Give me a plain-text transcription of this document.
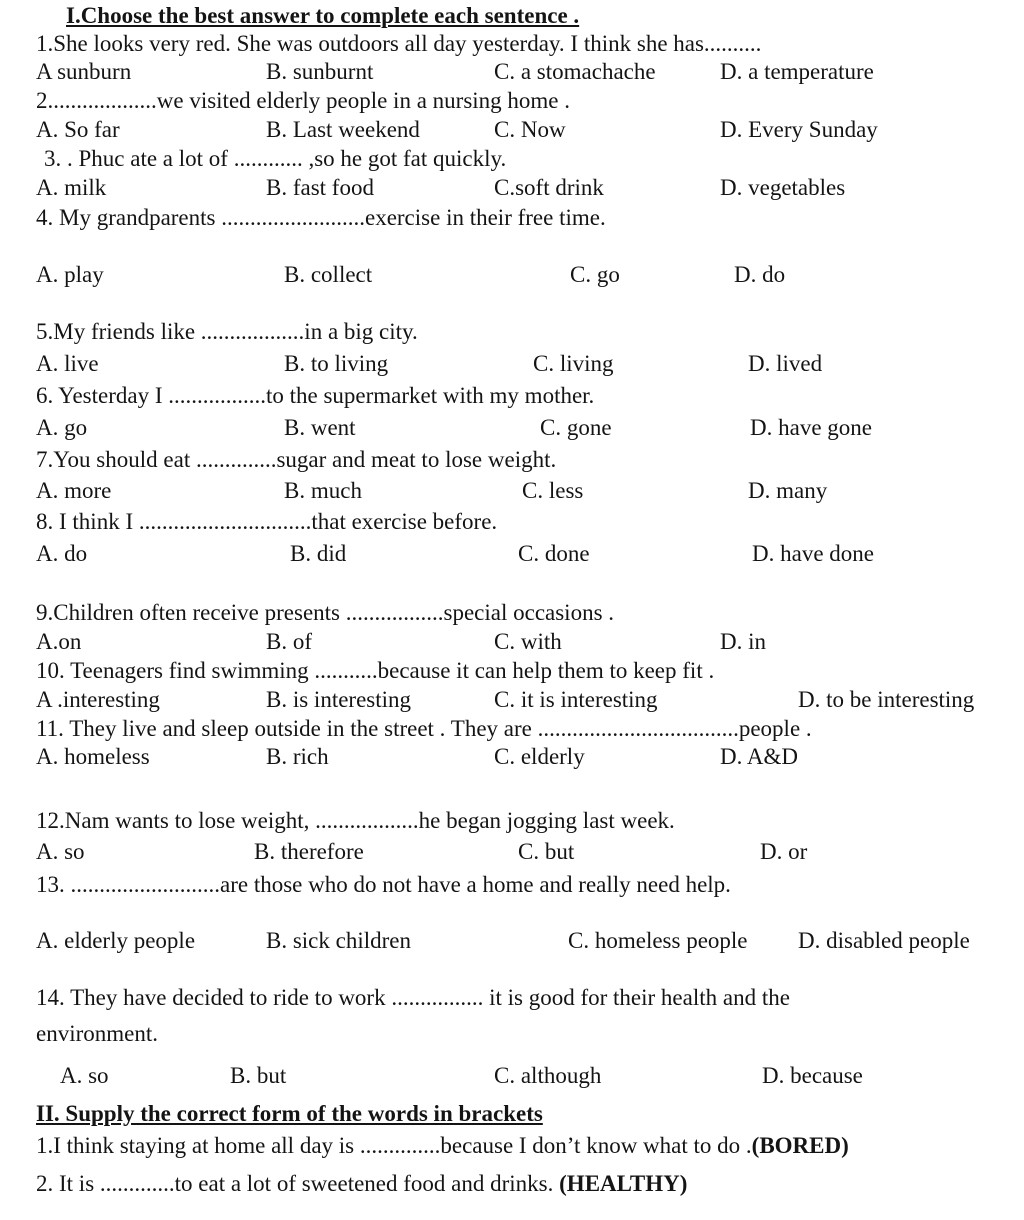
I.Choose the best answer to complete each sentence .
1.She looks very red. She was outdoors all day yesterday. I think she has..........
A sunburn	B. sunburnt	C. a stomachache	D. a temperature
2...................we visited elderly people in a nursing home .
A. So far	B. Last weekend	C. Now	D. Every Sunday
3. . Phuc ate a lot of ............ ,so he got fat quickly.
A. milk	B. fast food	C.soft drink	D. vegetables
4. My grandparents .........................exercise in their free time.
A. play	B. collect	C. go	D. do
5.My friends like ..................in a big city.
A. live	B. to living	C. living	D. lived
6. Yesterday I .................to the supermarket with my mother.
A. go	B. went	C. gone	D. have gone
7.You should eat ..............sugar and meat to lose weight.
A. more	B. much	C. less	D. many
8. I think I ..............................that exercise before.
A. do	B. did	C. done	D. have done
9.Children often receive presents .................special occasions .
A.on	B. of	C. with	D. in
10. Teenagers find swimming ...........because it can help them to keep fit .
A .interesting	B. is interesting	C. it is interesting	D. to be interesting
11. They live and sleep outside in the street . They are ...................................people .
A. homeless	B. rich	C. elderly	D. A&D
12.Nam wants to lose weight, ..................he began jogging last week.
A. so	B. therefore	C. but	D. or
13. ..........................are those who do not have a home and really need help.
A. elderly people	B. sick children	C. homeless people D. disabled people
14. They have decided to ride to work ................ it is good for their health and the
environment.
A. so	B. but	C. although	D. because
II. Supply the correct form of the words in brackets
1.I think staying at home all day is ..............because I don’t know what to do .(BORED)
2. It is .............to eat a lot of sweetened food and drinks. (HEALTHY)
